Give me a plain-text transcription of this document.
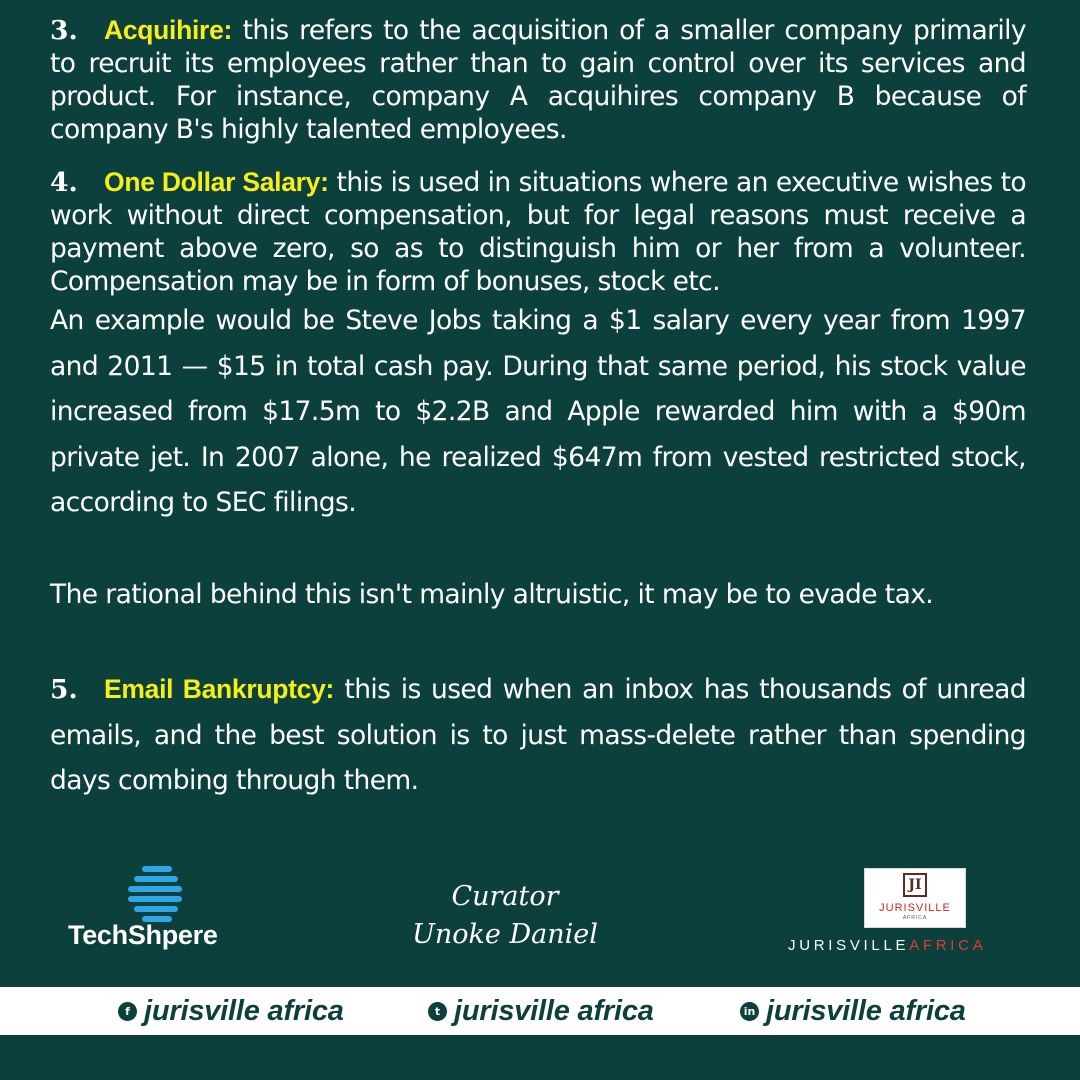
3. Acquihire: this refers to the acquisition of a smaller company primarily to recruit its employees rather than to gain control over its services and product. For instance, company A acquihires company B because of company B's highly talented employees.

4. One Dollar Salary: this is used in situations where an executive wishes to work without direct compensation, but for legal reasons must receive a payment above zero, so as to distinguish him or her from a volunteer. Compensation may be in form of bonuses, stock etc.

An example would be Steve Jobs taking a $1 salary every year from 1997 and 2011 — $15 in total cash pay. During that same period, his stock value increased from $17.5m to $2.2B and Apple rewarded him with a $90m private jet. In 2007 alone, he realized $647m from vested restricted stock, according to SEC filings.

The rational behind this isn't mainly altruistic, it may be to evade tax.

5. Email Bankruptcy: this is used when an inbox has thousands of unread emails, and the best solution is to just mass-delete rather than spending days combing through them.

TechShpere
Curator
Unoke Daniel
JI
JURISVILLE
AFRICA
JURISVILLEAFRICA
f jurisville africa	t jurisville africa	in jurisville africa
